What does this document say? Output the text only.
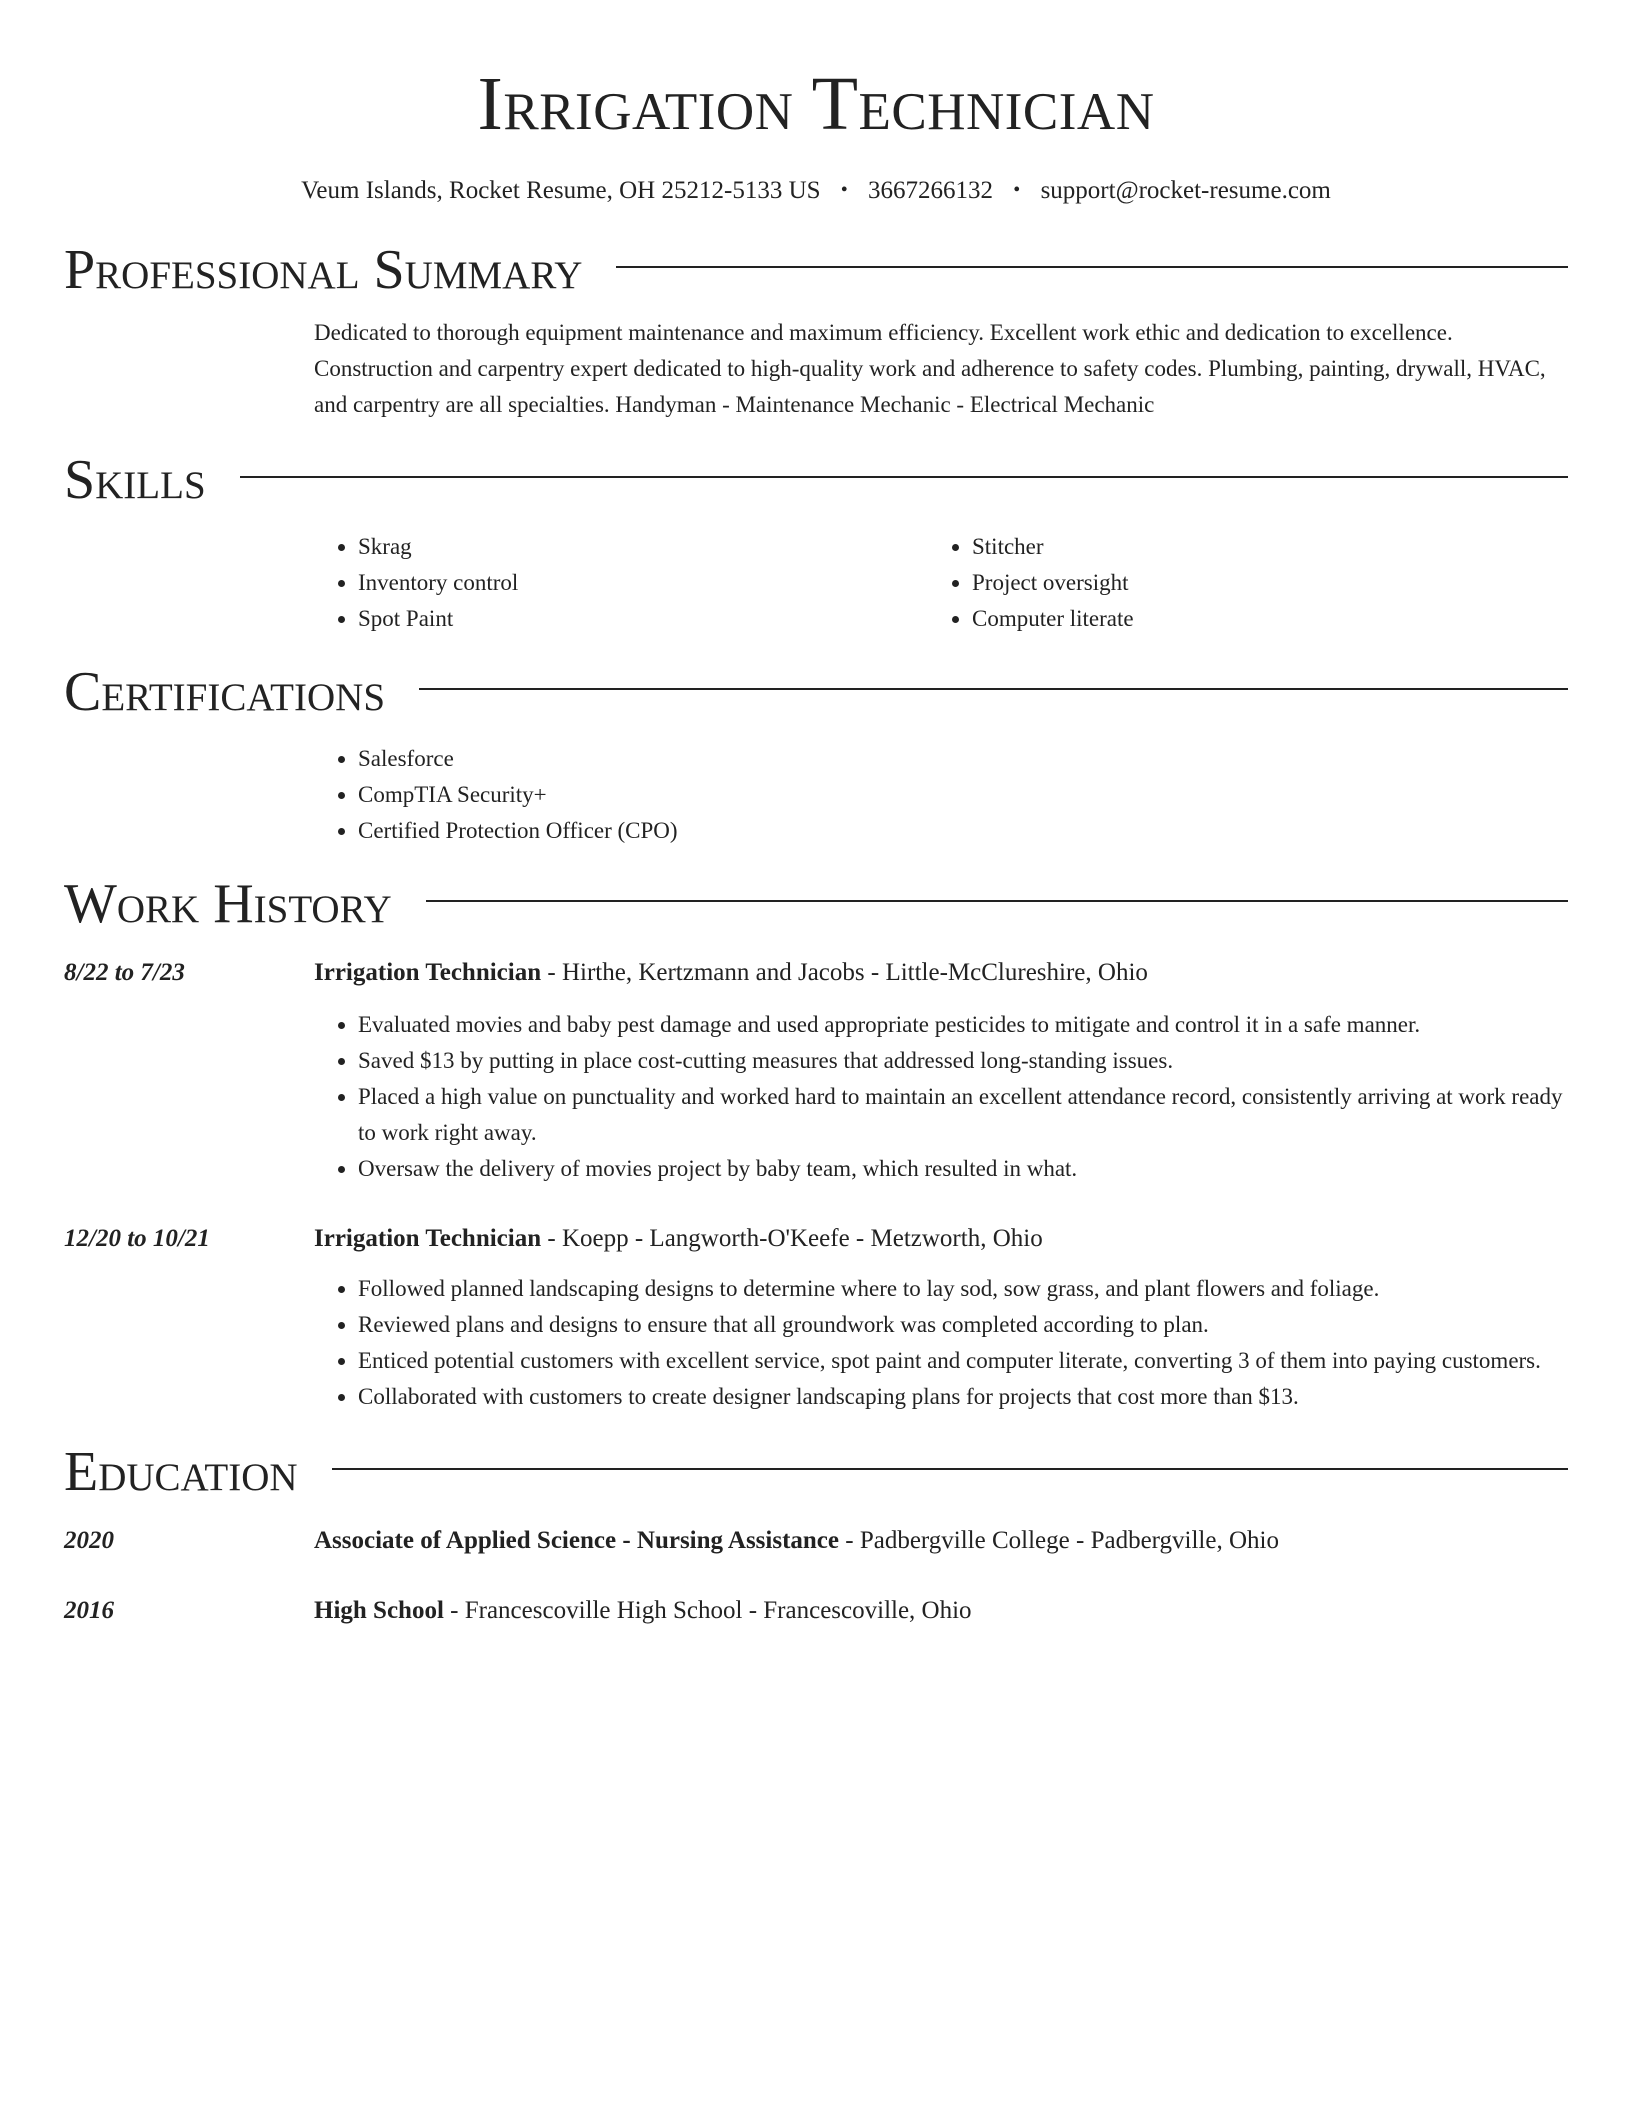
Irrigation Technician
Veum Islands, Rocket Resume, OH 25212-5133 US • 3667266132 • support@rocket-resume.com
Professional Summary

Dedicated to thorough equipment maintenance and maximum efficiency. Excellent work ethic and dedication to excellence. Construction and carpentry expert dedicated to high-quality work and adherence to safety codes. Plumbing, painting, drywall, HVAC, and carpentry are all specialties. Handyman - Maintenance Mechanic - Electrical Mechanic

Skills
• Skrag
• Inventory control
• Spot Paint
• Stitcher
• Project oversight
• Computer literate
Certifications
• Salesforce
• CompTIA Security+
• Certified Protection Officer (CPO)
Work History
8/22 to 7/23	Irrigation Technician - Hirthe, Kertzmann and Jacobs - Little-McClureshire, Ohio
• Evaluated movies and baby pest damage and used appropriate pesticides to mitigate and control it in a safe manner.
• Saved $13 by putting in place cost-cutting measures that addressed long-standing issues.
• Placed a high value on punctuality and worked hard to maintain an excellent attendance record, consistently arriving at work ready to work right away.
• Oversaw the delivery of movies project by baby team, which resulted in what.
12/20 to 10/21	Irrigation Technician - Koepp - Langworth-O'Keefe - Metzworth, Ohio
• Followed planned landscaping designs to determine where to lay sod, sow grass, and plant flowers and foliage.
• Reviewed plans and designs to ensure that all groundwork was completed according to plan.
• Enticed potential customers with excellent service, spot paint and computer literate, converting 3 of them into paying customers.
• Collaborated with customers to create designer landscaping plans for projects that cost more than $13.
Education
2020	Associate of Applied Science - Nursing Assistance - Padbergville College - Padbergville, Ohio
2016	High School - Francescoville High School - Francescoville, Ohio
